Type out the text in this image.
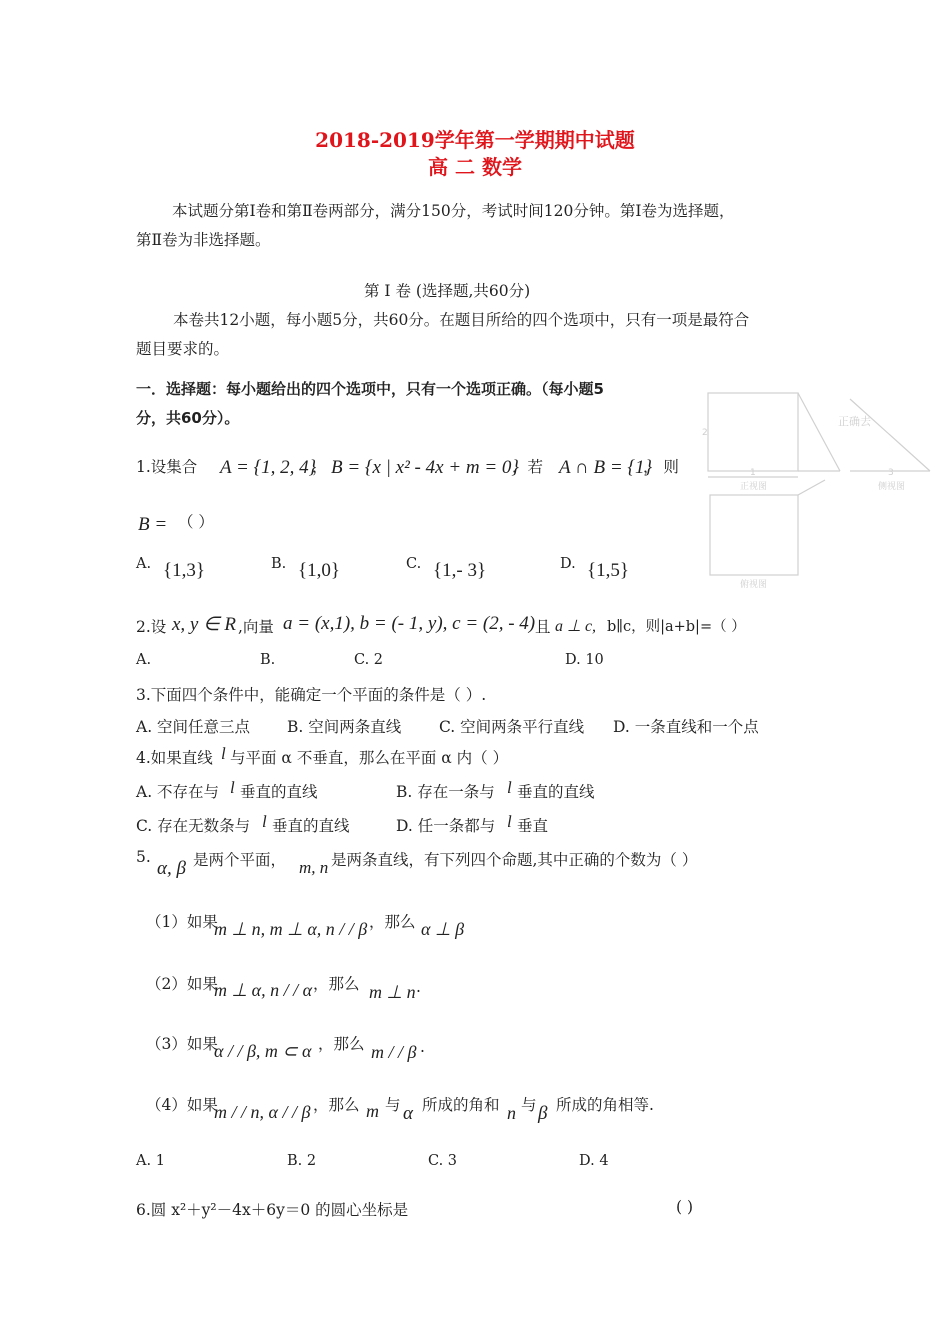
2018-2019学年第一学期期中试题
高 二 数学
本试题分第Ⅰ卷和第Ⅱ卷两部分，满分150分，考试时间120分钟。第Ⅰ卷为选择题，
第Ⅱ卷为非选择题。
第 Ⅰ 卷 (选择题,共60分)
本卷共12小题，每小题5分，共60分。在题目所给的四个选项中，只有一项是最符合
题目要求的。
一．选择题：每小题给出的四个选项中，只有一个选项正确。（每小题5
分，共60分）。	正确去
2
1	3
正视图	侧视图
俯视图
1.设集合 A = {1, 2, 4}
， B = {x | x² - 4x + m = 0}
．若 A ∩ B = {1}
， 则
B = （ ）
A. {1,3}	B. {1,0}	C. {1,- 3}	D. {1,5}
2.设 x, y ∈ R ,向量 a = (x,1), b = (- 1, y), c = (2, - 4) 且 a ⊥ c, b∥c，则|a+b|=（ ）
A.	B.	C. 2	D. 10
3.下面四个条件中，能确定一个平面的条件是（ ）.
A. 空间任意三点 B. 空间两条直线 C. 空间两条平行直线 D. 一条直线和一个点
4.如果直线 l 与平面 α 不垂直，那么在平面 α 内（ ）
A. 不存在与 l 垂直的直线	B. 存在一条与 l 垂直的直线
C. 存在无数条与 l 垂直的直线	D. 任一条都与 l 垂直
5.
α, β 是两个平面， m, n 是两条直线，有下列四个命题,其中正确的个数为（ ）
（1）如果
m ⊥ n, m ⊥ α, n / / β ，那么 α ⊥ β
（2）如果
m ⊥ α, n / / α ，那么 m ⊥ n .
（3）如果
α / / β, m ⊂ α ，那么 m / / β .
（4）如果
m / / n, α / / β ，那么 m 与 α 所成的角和 n 与 β 所成的角相等.
A. 1	B. 2	C. 3	D. 4
6.圆 x²＋y²－4x＋6y＝0 的圆心坐标是	( )
